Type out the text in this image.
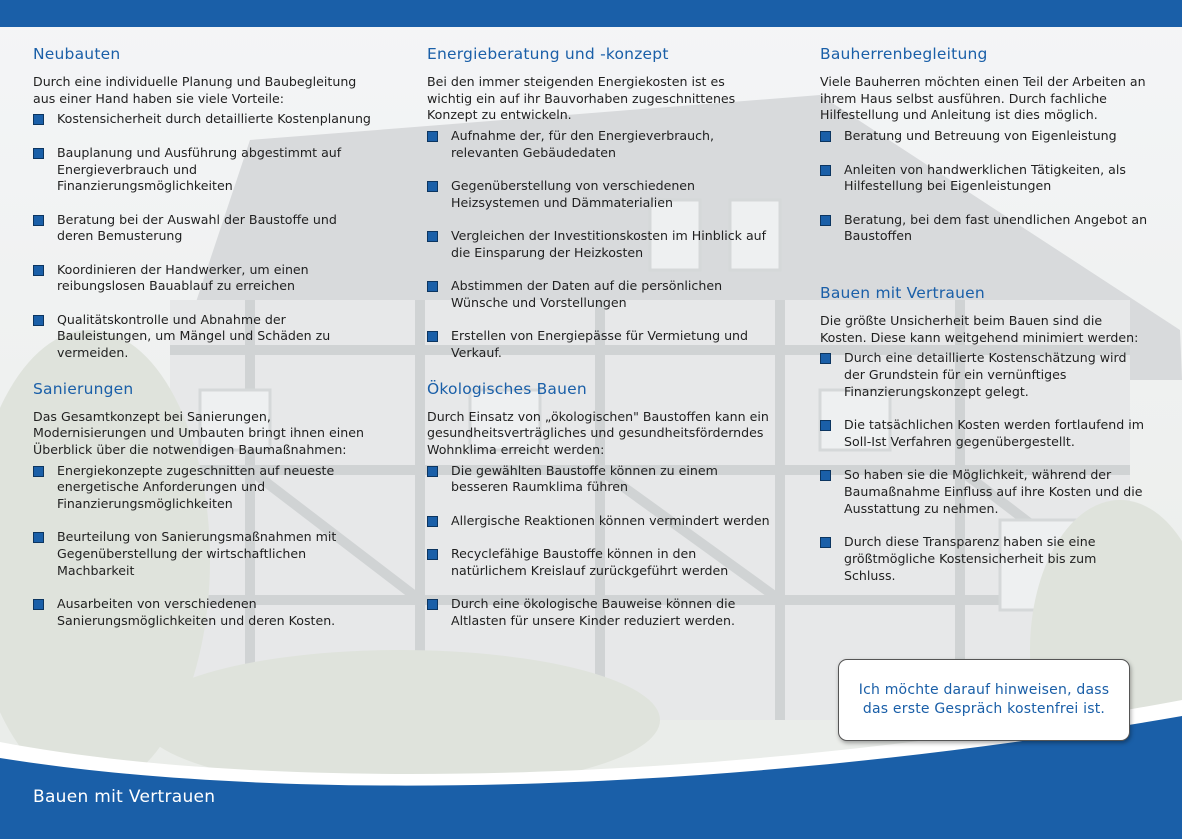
Neubauten

Durch eine individuelle Planung und Baubegleitung aus einer Hand haben sie viele Vorteile:

Kostensicherheit durch detaillierte Kostenplanung
Bauplanung und Ausführung abgestimmt auf Energieverbrauch und Finanzierungsmöglichkeiten
Beratung bei der Auswahl der Baustoffe und deren Bemusterung
Koordinieren der Handwerker, um einen reibungslosen Bauablauf zu erreichen
Qualitätskontrolle und Abnahme der Bauleistungen, um Mängel und Schäden zu vermeiden.
Sanierungen

Das Gesamtkonzept bei Sanierungen, Modernisierungen und Umbauten bringt ihnen einen Überblick über die notwendigen Baumaßnahmen:

Energiekonzepte zugeschnitten auf neueste energetische Anforderungen und Finanzierungsmöglichkeiten
Beurteilung von Sanierungsmaßnahmen mit Gegenüberstellung der wirtschaftlichen Machbarkeit
Ausarbeiten von verschiedenen Sanierungsmöglichkeiten und deren Kosten.
Energieberatung und -konzept

Bei den immer steigenden Energiekosten ist es wichtig ein auf ihr Bauvorhaben zugeschnittenes Konzept zu entwickeln.

Aufnahme der, für den Energieverbrauch, relevanten Gebäudedaten
Gegenüberstellung von verschiedenen Heizsystemen und Dämmaterialien
Vergleichen der Investitionskosten im Hinblick auf die Einsparung der Heizkosten
Abstimmen der Daten auf die persönlichen Wünsche und Vorstellungen
Erstellen von Energiepässe für Vermietung und Verkauf.
Ökologisches Bauen

Durch Einsatz von „ökologischen" Baustoffen kann ein gesundheitsverträgliches und gesundheitsförderndes Wohnklima erreicht werden:

Die gewählten Baustoffe können zu einem besseren Raumklima führen
Allergische Reaktionen können vermindert werden
Recyclefähige Baustoffe können in den natürlichem Kreislauf zurückgeführt werden
Durch eine ökologische Bauweise können die Altlasten für unsere Kinder reduziert werden.
Bauherrenbegleitung

Viele Bauherren möchten einen Teil der Arbeiten an ihrem Haus selbst ausführen. Durch fachliche Hilfestellung und Anleitung ist dies möglich.

Beratung und Betreuung von Eigenleistung
Anleiten von handwerklichen Tätigkeiten, als Hilfestellung bei Eigenleistungen
Beratung, bei dem fast unendlichen Angebot an Baustoffen
Bauen mit Vertrauen

Die größte Unsicherheit beim Bauen sind die Kosten. Diese kann weitgehend minimiert werden:

Durch eine detaillierte Kostenschätzung wird der Grundstein für ein vernünftiges Finanzierungskonzept gelegt.
Die tatsächlichen Kosten werden fortlaufend im Soll-Ist Verfahren gegenübergestellt.
So haben sie die Möglichkeit, während der Baumaßnahme Einfluss auf ihre Kosten und die Ausstattung zu nehmen.
Durch diese Transparenz haben sie eine größtmögliche Kostensicherheit bis zum Schluss.
Ich möchte darauf hinweisen, dass
das erste Gespräch kostenfrei ist.
Bauen mit Vertrauen
